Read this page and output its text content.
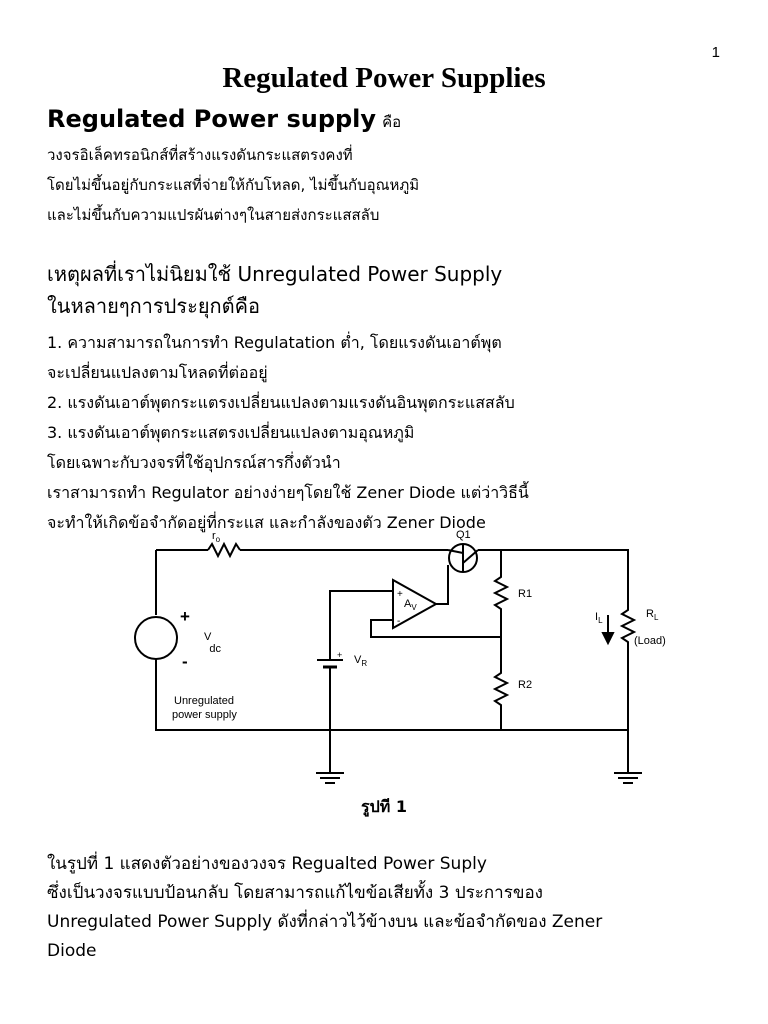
1
Regulated Power Supplies
Regulated Power supply คือ
วงจรอิเล็คทรอนิกส์ที่สร้างแรงดันกระแสตรงคงที่
โดยไม่ขึ้นอยู่กับกระแสที่จ่ายให้กับโหลด, ไม่ขึ้นกับอุณหภูมิ
และไม่ขึ้นกับความแปรผันต่างๆในสายส่งกระแสสลับ
เหตุผลที่เราไม่นิยมใช้ Unregulated Power Supply
ในหลายๆการประยุกต์คือ
1. ความสามารถในการทำ Regulatation ต่ำ, โดยแรงดันเอาต์พุต
จะเปลี่ยนแปลงตามโหลดที่ต่ออยู่
2. แรงดันเอาต์พุตกระแตรงเปลี่ยนแปลงตามแรงดันอินพุตกระแสสลับ
3. แรงดันเอาต์พุตกระแสตรงเปลี่ยนแปลงตามอุณหภูมิ
โดยเฉพาะกับวงจรที่ใช้อุปกรณ์สารกึ่งตัวนำ
เราสามารถทำ Regulator อย่างง่ายๆโดยใช้ Zener Diode แต่ว่าวิธีนี้
จะทำให้เกิดข้อจำกัดอยู่ที่กระแส และกำลังของตัว Zener Diode
$r_o$	Q1
$A_V$
+
-
+
-
V dc	+ $V_R$
R1
R2
$I_L$
$R_L$
(Load)
Unregulated
power supply
รูปที 1
ในรูปที่ 1 แสดงตัวอย่างของวงจร Regualted Power Suply
ซึ่งเป็นวงจรแบบป้อนกลับ โดยสามารถแก้ไขข้อเสียทั้ง 3 ประการของ
Unregulated Power Supply ดังที่กล่าวไว้ข้างบน และข้อจำกัดของ Zener
Diode
